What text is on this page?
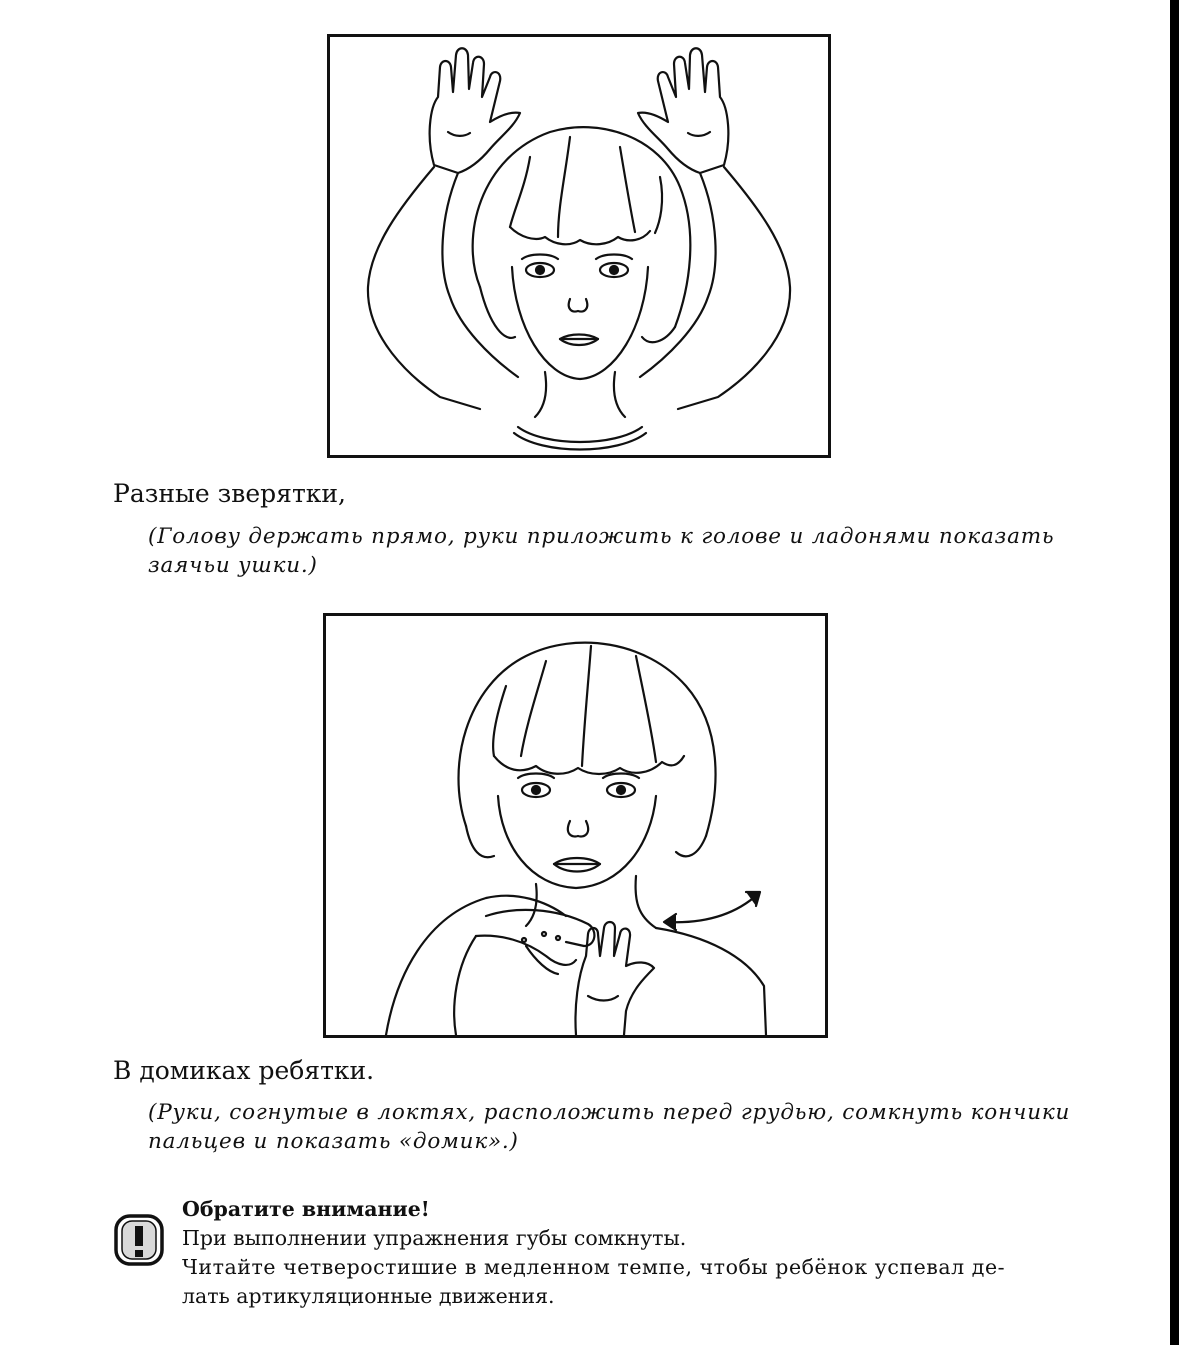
Разные зверятки,
(Голову держать прямо, руки приложить к голове и ладонями показать
заячьи ушки.)
В домиках ребятки.
(Руки, согнутые в локтях, расположить перед грудью, сомкнуть кончики
пальцев и показать «домик».)
Обратите внимание!
При выполнении упражнения губы сомкнуты.
Читайте четверостишие в медленном темпе, чтобы ребёнок успевал де-
лать артикуляционные движения.
